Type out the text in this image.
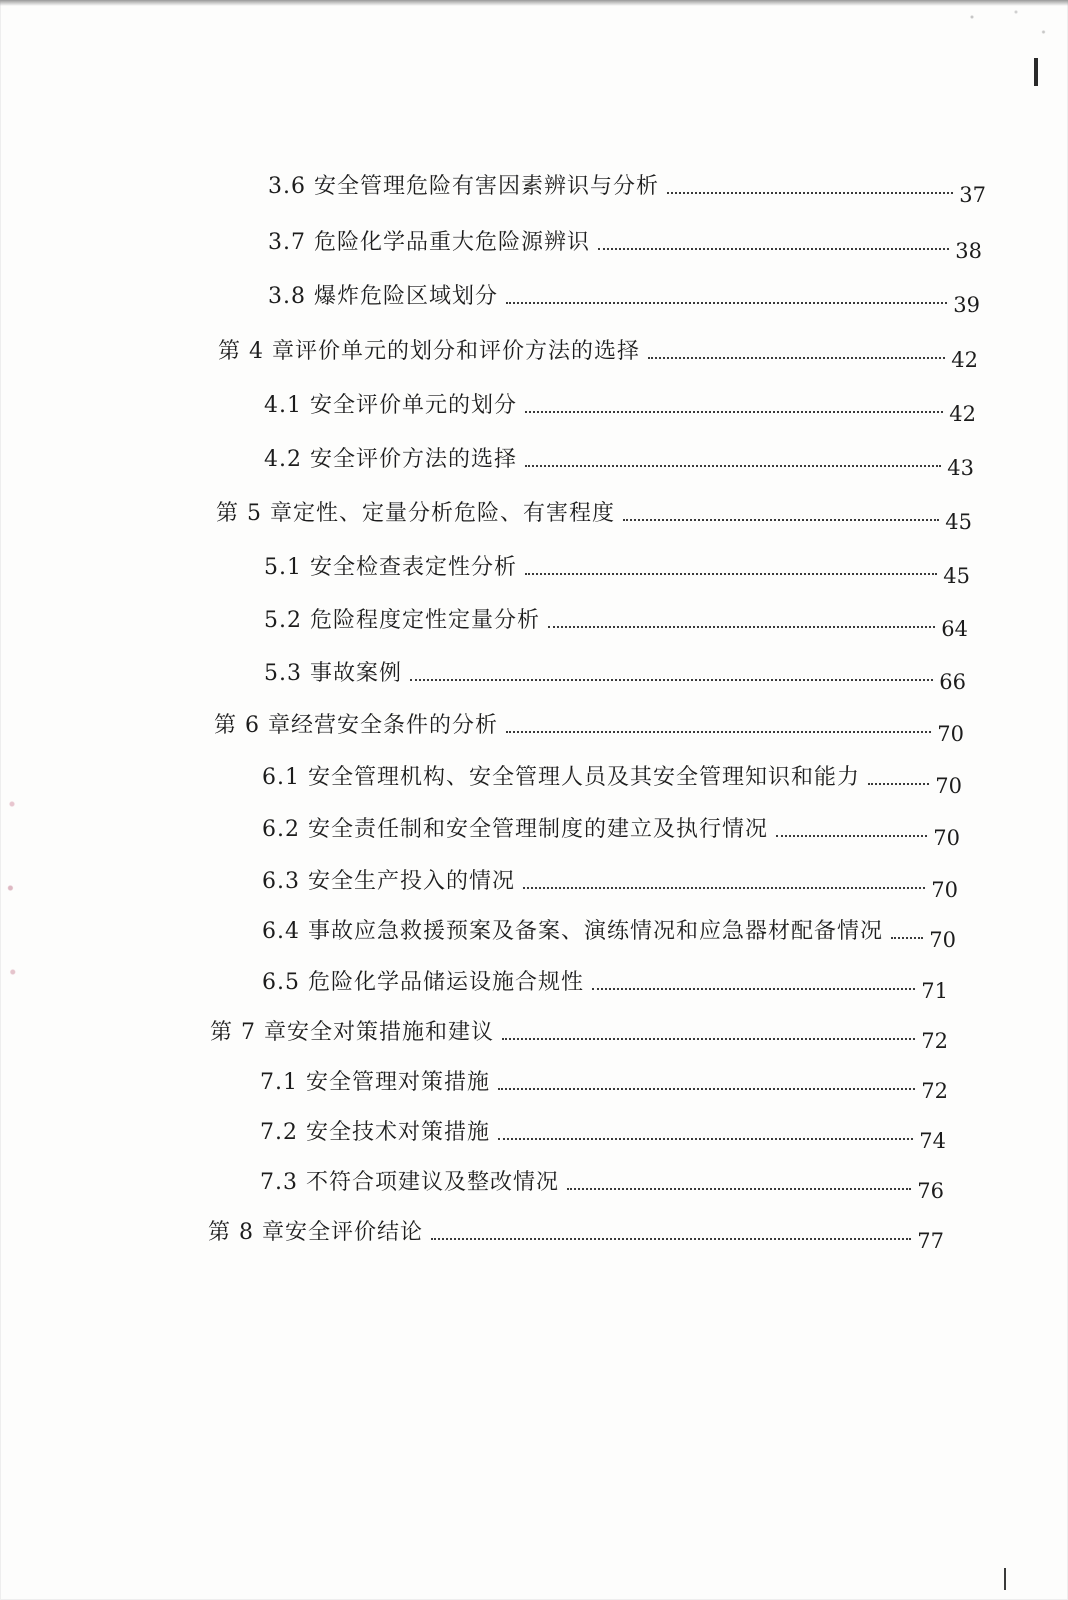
3.6 安全管理危险有害因素辨识与分析	37
3.7 危险化学品重大危险源辨识	38
3.8 爆炸危险区域划分	39
第 4 章评价单元的划分和评价方法的选择	42
4.1 安全评价单元的划分	42
4.2 安全评价方法的选择	43
第 5 章定性、定量分析危险、有害程度	45
5.1 安全检查表定性分析	45
5.2 危险程度定性定量分析	64
5.3 事故案例	66
第 6 章经营安全条件的分析	70
6.1 安全管理机构、安全管理人员及其安全管理知识和能力	70
6.2 安全责任制和安全管理制度的建立及执行情况	70
6.3 安全生产投入的情况	70
6.4 事故应急救援预案及备案、演练情况和应急器材配备情况 70
6.5 危险化学品储运设施合规性	71
第 7 章安全对策措施和建议	72
7.1 安全管理对策措施	72
7.2 安全技术对策措施	74
7.3 不符合项建议及整改情况	76
第 8 章安全评价结论	77
